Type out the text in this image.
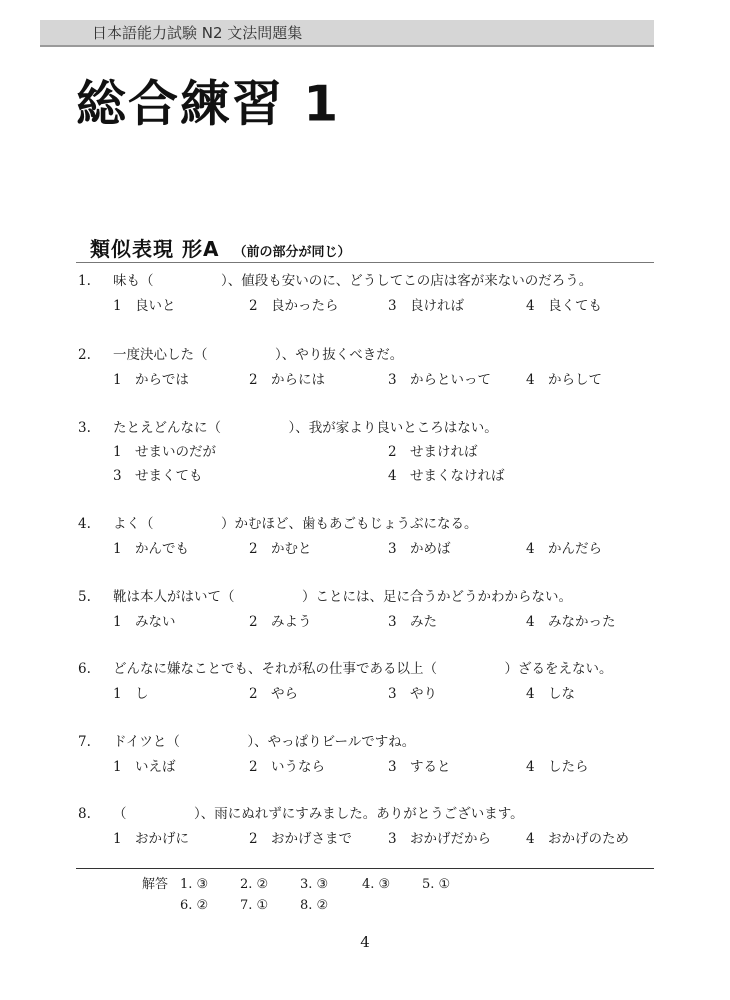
日本語能力試験 N2 文法問題集
総合練習 1
類似表現 形A （前の部分が同じ）
1. 味も（　　　　　）、値段も安いのに、どうしてこの店は客が来ないのだろう。
1 良いと	2 良かったら	3 良ければ	4 良くても
2. 一度決心した（　　　　　）、やり抜くべきだ。
1 からでは	2 からには	3 からといって	4 からして
3. たとえどんなに（　　　　　）、我が家より良いところはない。
1 せまいのだが	2 せまければ
3 せまくても	4 せまくなければ
4. よく（　　　　　）かむほど、歯もあごもじょうぶになる。
1 かんでも	2 かむと	3 かめば	4 かんだら
5. 靴は本人がはいて（　　　　　）ことには、足に合うかどうかわからない。
1 みない	2 みよう	3 みた	4 みなかった
6. どんなに嫌なことでも、それが私の仕事である以上（　　　　　）ざるをえない。
1 し	2 やら	3 やり	4 しな
7. ドイツと（　　　　　）、やっぱりビールですね。
1 いえば	2 いうなら	3 すると	4 したら
8. （　　　　　）、雨にぬれずにすみました。ありがとうございます。
1 おかげに	2 おかげさまで	3 おかげだから	4 おかげのため
解答 1. ③ 2. ② 3. ③	4. ③ 5. ①
6. ② 7. ① 8. ②
4
